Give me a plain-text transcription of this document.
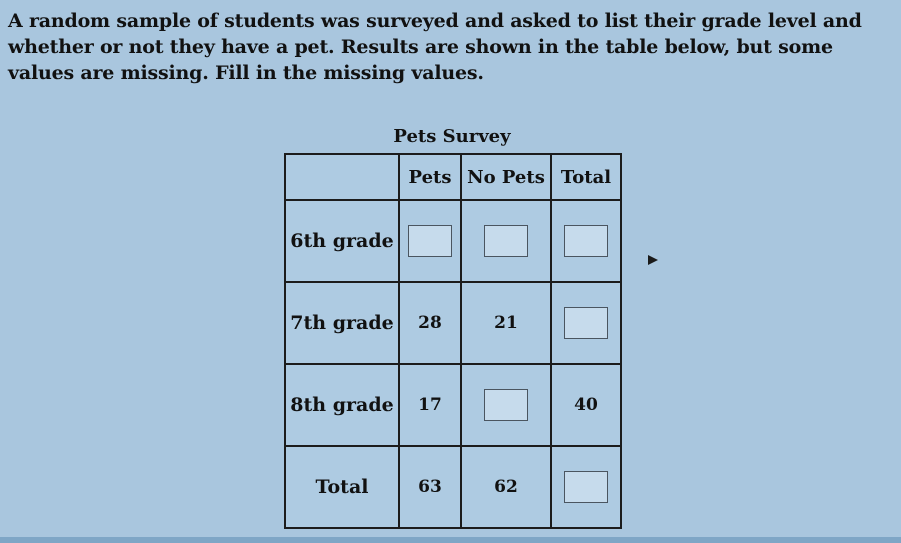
A random sample of students was surveyed and asked to list their grade level and whether or not they have a pet. Results are shown in the table below, but some values are missing. Fill in the missing values.
Pets Survey
	Pets	No Pets	Total
6th grade			
7th grade	28	21	
8th grade	17		40
Total	63	62	
